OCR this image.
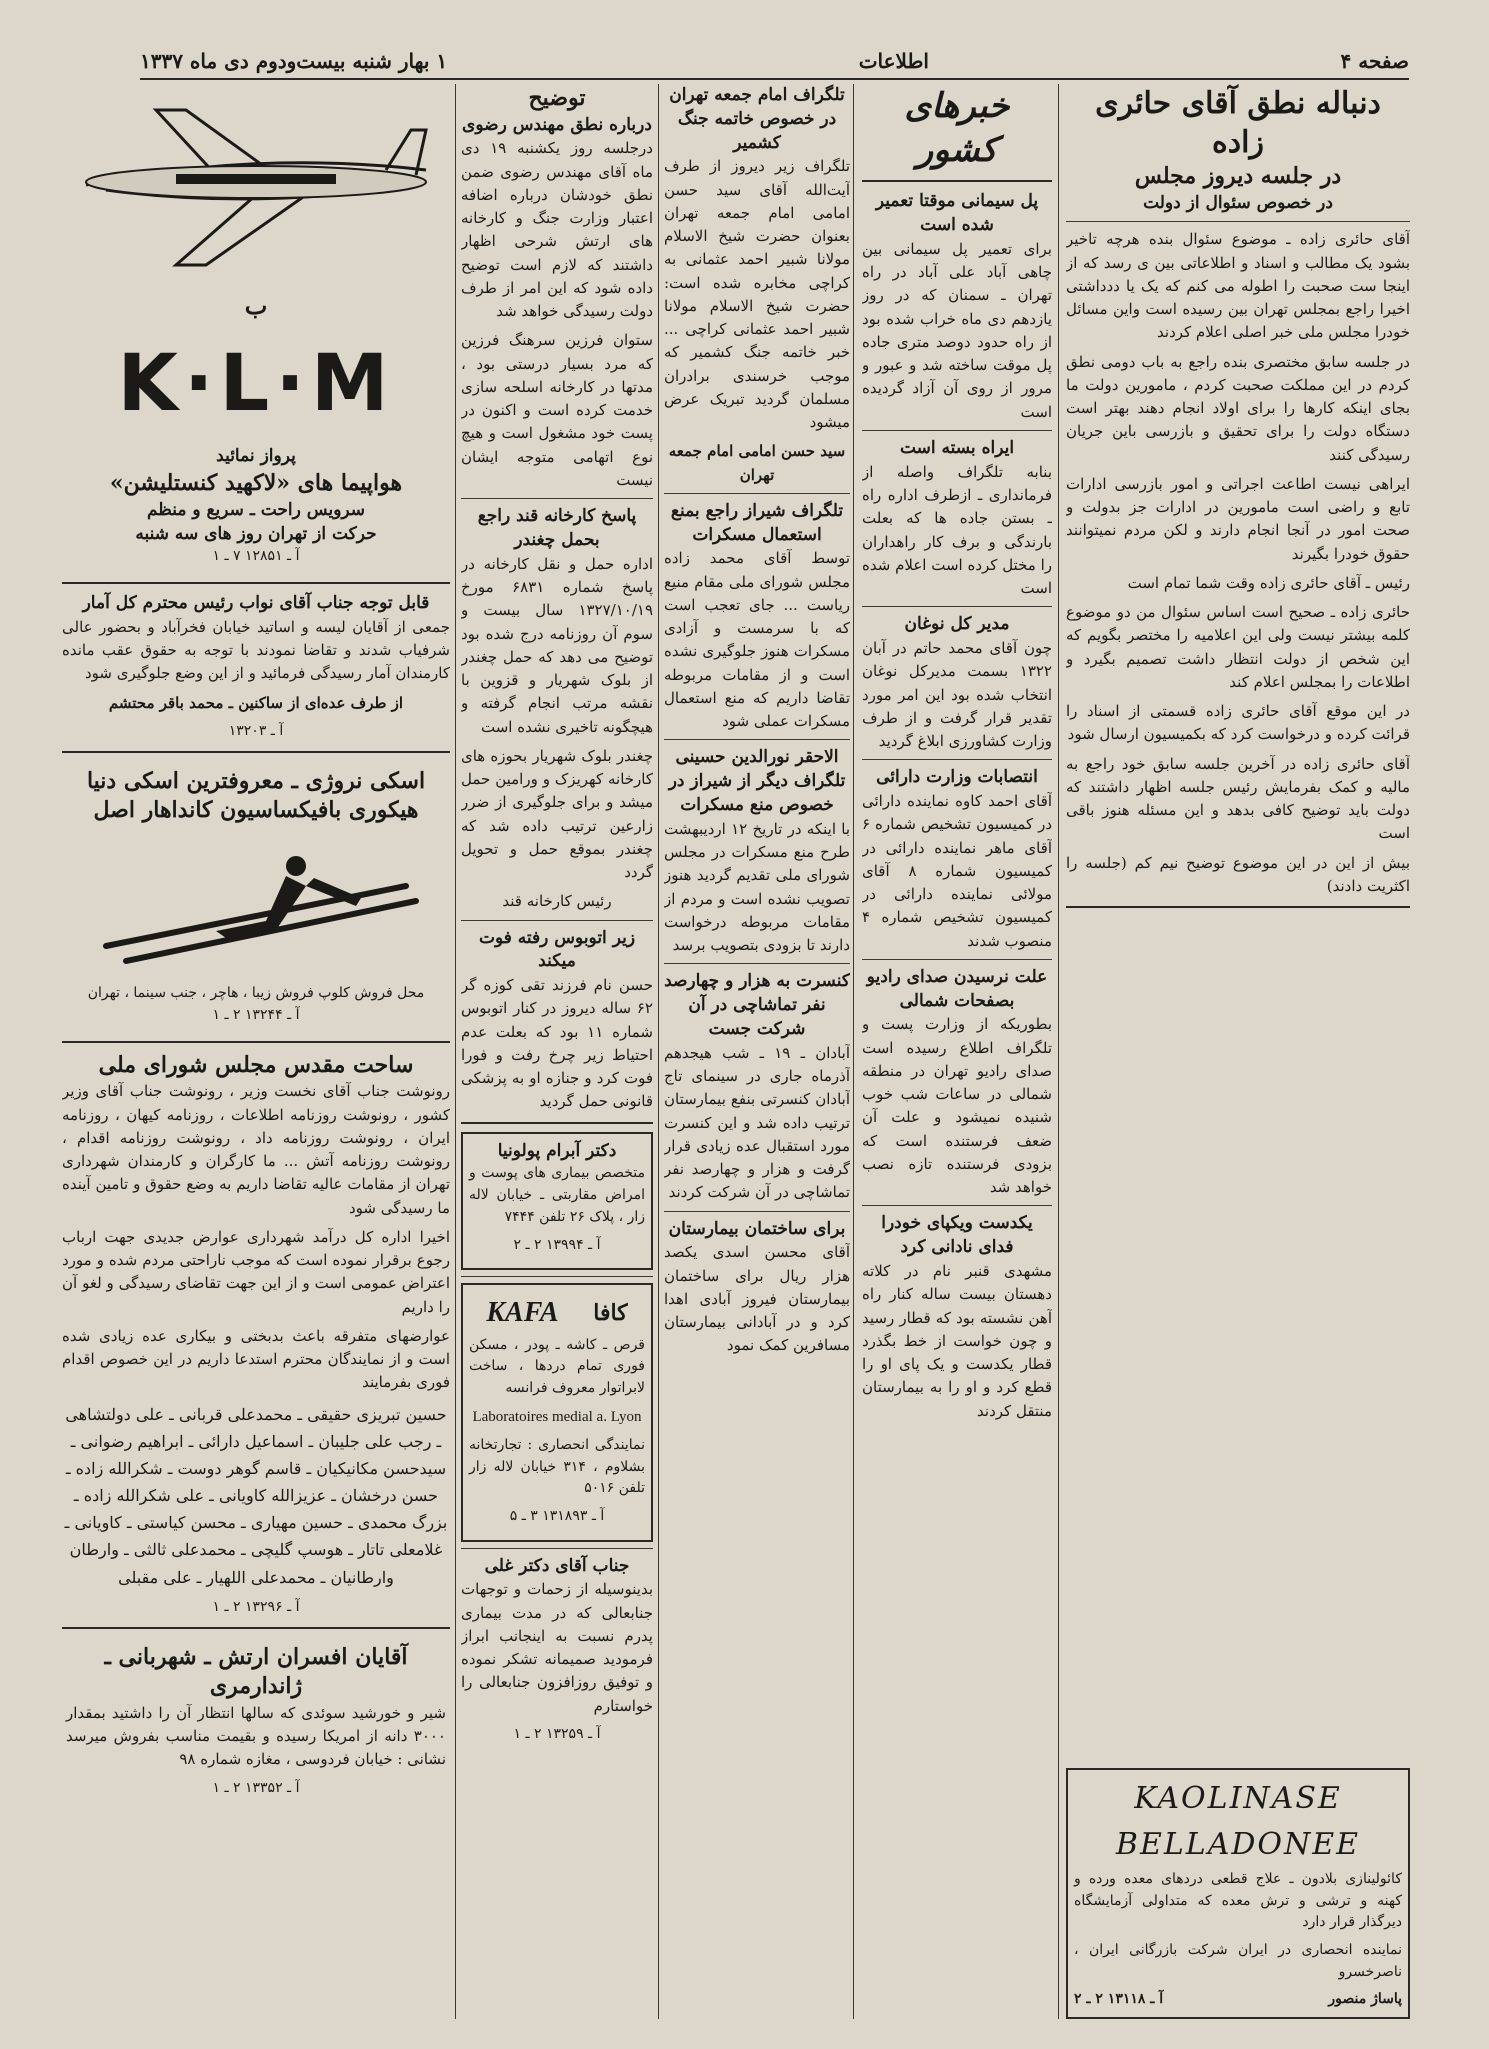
صفحه ۴
اطلاعات
۱ بهار شنبه بیست‌ودوم دی ماه ۱۳۳۷
دنباله نطق آقای حائری زاده
در جلسه دیروز مجلس
در خصوص سئوال از دولت

آقای حائری زاده ـ موضوع سئوال بنده هرچه تاخیر بشود یک مطالب و اسناد و اطلاعاتی بین ی رسد که از اینجا ست صحبت را اطوله می کنم که یک یا ددداشتی اخیرا راجع بمجلس تهران بین رسیده است واین مسائل خودرا مجلس ملی خبر اصلی اعلام کردند

در جلسه سابق مختصری بنده راجع به باب دومی نطق کردم در این مملکت صحبت کردم ، مامورین دولت ما بجای اینکه کارها را برای اولاد انجام دهند بهتر است دستگاه دولت را برای تحقیق و بازرسی باین جریان رسیدگی کنند

ایراهی نیست اطاعت اجراتی و امور بازرسی ادارات تابع و راضی است مامورین در ادارات جز بدولت و صحت امور در آنجا انجام دارند و لکن مردم نمیتوانند حقوق خودرا بگیرند

رئیس ـ آقای حائری زاده وقت شما تمام است

حائری زاده ـ صحیح است اساس سئوال من دو موضوع کلمه بیشتر نیست ولی این اعلامیه را مختصر بگویم که این شخص از دولت انتظار داشت تصمیم بگیرد و اطلاعات را بمجلس اعلام کند

در این موقع آقای حائری زاده قسمتی از اسناد را قرائت کرده و درخواست کرد که بکمیسیون ارسال شود

آقای حائری زاده در آخرین جلسه سابق خود راجع به مالیه و کمک بفرمایش رئیس جلسه اظهار داشتند که دولت باید توضیح کافی بدهد و این مسئله هنوز باقی است

بیش از این در این موضوع توضیح نیم کم (جلسه را اکثریت دادند)

KAOLINASE
BELLADONEE

کائولینازی بلادون ـ علاج قطعی دردهای معده ورده و کهنه و ترشی و ترش معده که متداولی آزمایشگاه دیرگذار قرار دارد

نماینده انحصاری در ایران شرکت بازرگانی ایران ، ناصرخسرو

پاساژ منصور
آ ـ ۱۳۱۱۸ ۲ ـ ۲
خبرهای کشور
پل سیمانی موقتا تعمیر شده است

برای تعمیر پل سیمانی بین چاهی آباد علی آباد در راه تهران ـ سمنان که در روز یازدهم دی ماه خراب شده بود از راه حدود دوصد متری جاده پل موقت ساخته شد و عبور و مرور از روی آن آزاد گردیده است

ایراه بسته است

بنابه تلگراف واصله از فرمانداری ـ ازطرف اداره راه ـ بستن جاده ها که بعلت بارندگی و برف کار راهداران را مختل کرده است اعلام شده است

مدیر کل نوغان

چون آقای محمد حاتم در آبان ۱۳۲۲ بسمت مدیرکل نوغان انتخاب شده بود این امر مورد تقدیر قرار گرفت و از طرف وزارت کشاورزی ابلاغ گردید

انتصابات وزارت دارائی

آقای احمد کاوه نماینده دارائی در کمیسیون تشخیص شماره ۶ آقای ماهر نماینده دارائی در کمیسیون شماره ۸ آقای مولائی نماینده دارائی در کمیسیون تشخیص شماره ۴ منصوب شدند

علت نرسیدن صدای رادیو بصفحات شمالی

بطوریکه از وزارت پست و تلگراف اطلاع رسیده است صدای رادیو تهران در منطقه شمالی در ساعات شب خوب شنیده نمیشود و علت آن ضعف فرستنده است که بزودی فرستنده تازه نصب خواهد شد

یکدست ویکپای خودرا فدای نادانی کرد

مشهدی قنبر نام در کلاته دهستان بیست ساله کنار راه آهن نشسته بود که قطار رسید و چون خواست از خط بگذرد قطار یکدست و یک پای او را قطع کرد و او را به بیمارستان منتقل کردند

تلگراف امام جمعه تهران در خصوص خاتمه جنگ کشمیر

تلگراف زیر دیروز از طرف آیت‌الله آقای سید حسن امامی امام جمعه تهران بعنوان حضرت شیخ الاسلام مولانا شبیر احمد عثمانی به کراچی مخابره شده است: حضرت شیخ الاسلام مولانا شبیر احمد عثمانی کراچی ... خبر خاتمه جنگ کشمیر که موجب خرسندی برادران مسلمان گردید تبریک عرض میشود

سید حسن امامی امام جمعه تهران

تلگراف شیراز راجع بمنع استعمال مسکرات

توسط آقای محمد زاده مجلس شورای ملی مقام منیع ریاست ... جای تعجب است که با سرمست و آزادی مسکرات هنوز جلوگیری نشده است و از مقامات مربوطه تقاضا داریم که منع استعمال مسکرات عملی شود

الاحقر نورالدین حسینی تلگراف دیگر از شیراز در خصوص منع مسکرات

با اینکه در تاریخ ۱۲ اردیبهشت طرح منع مسکرات در مجلس شورای ملی تقدیم گردید هنوز تصویب نشده است و مردم از مقامات مربوطه درخواست دارند تا بزودی بتصویب برسد

کنسرت به هزار و چهارصد نفر تماشاچی در آن شرکت جست

آبادان ـ ۱۹ ـ شب هیجدهم آذرماه جاری در سینمای تاج آبادان کنسرتی بنفع بیمارستان ترتیب داده شد و این کنسرت مورد استقبال عده زیادی قرار گرفت و هزار و چهارصد نفر تماشاچی در آن شرکت کردند

برای ساختمان بیمارستان

آقای محسن اسدی یکصد هزار ریال برای ساختمان بیمارستان فیروز آبادی اهدا کرد و در آبادانی بیمارستان مسافرین کمک نمود

توضیح
درباره نطق مهندس رضوی

درجلسه روز یکشنبه ۱۹ دی ماه آقای مهندس رضوی ضمن نطق خودشان درباره اضافه اعتبار وزارت جنگ و کارخانه های ارتش شرحی اظهار داشتند که لازم است توضیح داده شود که این امر از طرف دولت رسیدگی خواهد شد

ستوان فرزین سرهنگ فرزین که مرد بسیار درستی بود ، مدتها در کارخانه اسلحه سازی خدمت کرده است و اکنون در پست خود مشغول است و هیچ نوع اتهامی متوجه ایشان نیست

پاسخ کارخانه قند راجع بحمل چغندر

اداره حمل و نقل کارخانه در پاسخ شماره ۶۸۳۱ مورخ ۱۳۲۷/۱۰/۱۹ سال بیست و سوم آن روزنامه درج شده بود توضیح می دهد که حمل چغندر از بلوک شهریار و قزوین با نقشه مرتب انجام گرفته و هیچگونه تاخیری نشده است

چغندر بلوک شهریار بحوزه های کارخانه کهریزک و ورامین حمل میشد و برای جلوگیری از ضرر زارعین ترتیب داده شد که چغندر بموقع حمل و تحویل گردد

رئیس کارخانه قند

زیر اتوبوس رفته فوت میکند

حسن نام فرزند تقی کوزه گر ۶۲ ساله دیروز در کنار اتوبوس شماره ۱۱ بود که بعلت عدم احتیاط زیر چرخ رفت و فورا فوت کرد و جنازه او به پزشکی قانونی حمل گردید

دکتر آبرام پولونیا

متخصص بیماری های پوست و امراض مقاربتی ـ خیابان لاله زار ، پلاک ۲۶ تلفن ۷۴۴۴

آ ـ ۱۳۹۹۴ ۲ ـ ۲

کافا
KAFA

قرص ـ کاشه ـ پودر ، مسکن فوری تمام دردها ، ساخت لابراتوار معروف فرانسه

Laboratoires medial a. Lyon

نمایندگی انحصاری : تجارتخانه بشلاوم ، ۳۱۴ خیابان لاله زار تلفن ۵۰۱۶

آ ـ ۱۳۱۸۹۳ ۳ ـ ۵

جناب آقای دکتر غلی

بدینوسیله از زحمات و توجهات جنابعالی که در مدت بیماری پدرم نسبت به اینجانب ابراز فرمودید صمیمانه تشکر نموده و توفیق روزافزون جنابعالی را خواستارم

آ ـ ۱۳۲۵۹ ۲ ـ ۱

ب
K·L·M
پرواز نمائید
هواپیما های «لاکهید کنستلیشن»
سرویس راحت ـ سریع و منظم
حرکت از تهران روز های سه شنبه
آ ـ ۱۲۸۵۱ ۷ ـ ۱
قابل توجه جناب آقای نواب رئیس محترم کل آمار

جمعی از آقایان لیسه و اساتید خیابان فخرآباد و بحضور عالی شرفیاب شدند و تقاضا نمودند با توجه به حقوق عقب مانده کارمندان آمار رسیدگی فرمائید و از این وضع جلوگیری شود

از طرف عده‌ای از ساکنین ـ محمد باقر محتشم

آ ـ ۱۳۲۰۳

اسکی نروژی ـ معروفترین اسکی دنیا
هیکوری بافیکساسیون کانداهار اصل
محل فروش کلوپ فروش زیبا ، هاچر ، جنب سینما ، تهران
آ ـ ۱۳۲۴۴ ۲ ـ ۱
ساحت مقدس مجلس شورای ملی

رونوشت جناب آقای نخست وزیر ، رونوشت جناب آقای وزیر کشور ، رونوشت روزنامه اطلاعات ، روزنامه کیهان ، روزنامه ایران ، رونوشت روزنامه داد ، رونوشت روزنامه اقدام ، رونوشت روزنامه آتش ... ما کارگران و کارمندان شهرداری تهران از مقامات عالیه تقاضا داریم به وضع حقوق و تامین آینده ما رسیدگی شود

اخیرا اداره کل درآمد شهرداری عوارض جدیدی جهت ارباب رجوع برقرار نموده است که موجب ناراحتی مردم شده و مورد اعتراض عمومی است و از این جهت تقاضای رسیدگی و لغو آن را داریم

عوارضهای متفرقه باعث بدبختی و بیکاری عده زیادی شده است و از نمایندگان محترم استدعا داریم در این خصوص اقدام فوری بفرمایند

حسین تبریزی حقیقی ـ محمدعلی قربانی ـ علی دولتشاهی ـ رجب علی جلیبان ـ اسماعیل دارائی ـ ابراهیم رضوانی ـ سیدحسن مکانیکیان ـ قاسم گوهر دوست ـ شکرالله زاده ـ حسن درخشان ـ عزیزالله کاویانی ـ علی شکرالله زاده ـ بزرگ محمدی ـ حسین مهیاری ـ محسن کیاستی ـ کاویانی ـ غلامعلی تاتار ـ هوسپ گلیچی ـ محمدعلی ثالثی ـ وارطان وارطانیان ـ محمدعلی اللهیار ـ علی مقبلی

آ ـ ۱۳۲۹۶ ۲ ـ ۱

آقایان افسران ارتش ـ شهربانی ـ ژاندارمری

شیر و خورشید سوئدی که سالها انتظار آن را داشتید بمقدار ۳۰۰۰ دانه از امریکا رسیده و بقیمت مناسب بفروش میرسد نشانی : خیابان فردوسی ، مغازه شماره ۹۸

آ ـ ۱۳۳۵۲ ۲ ـ ۱
